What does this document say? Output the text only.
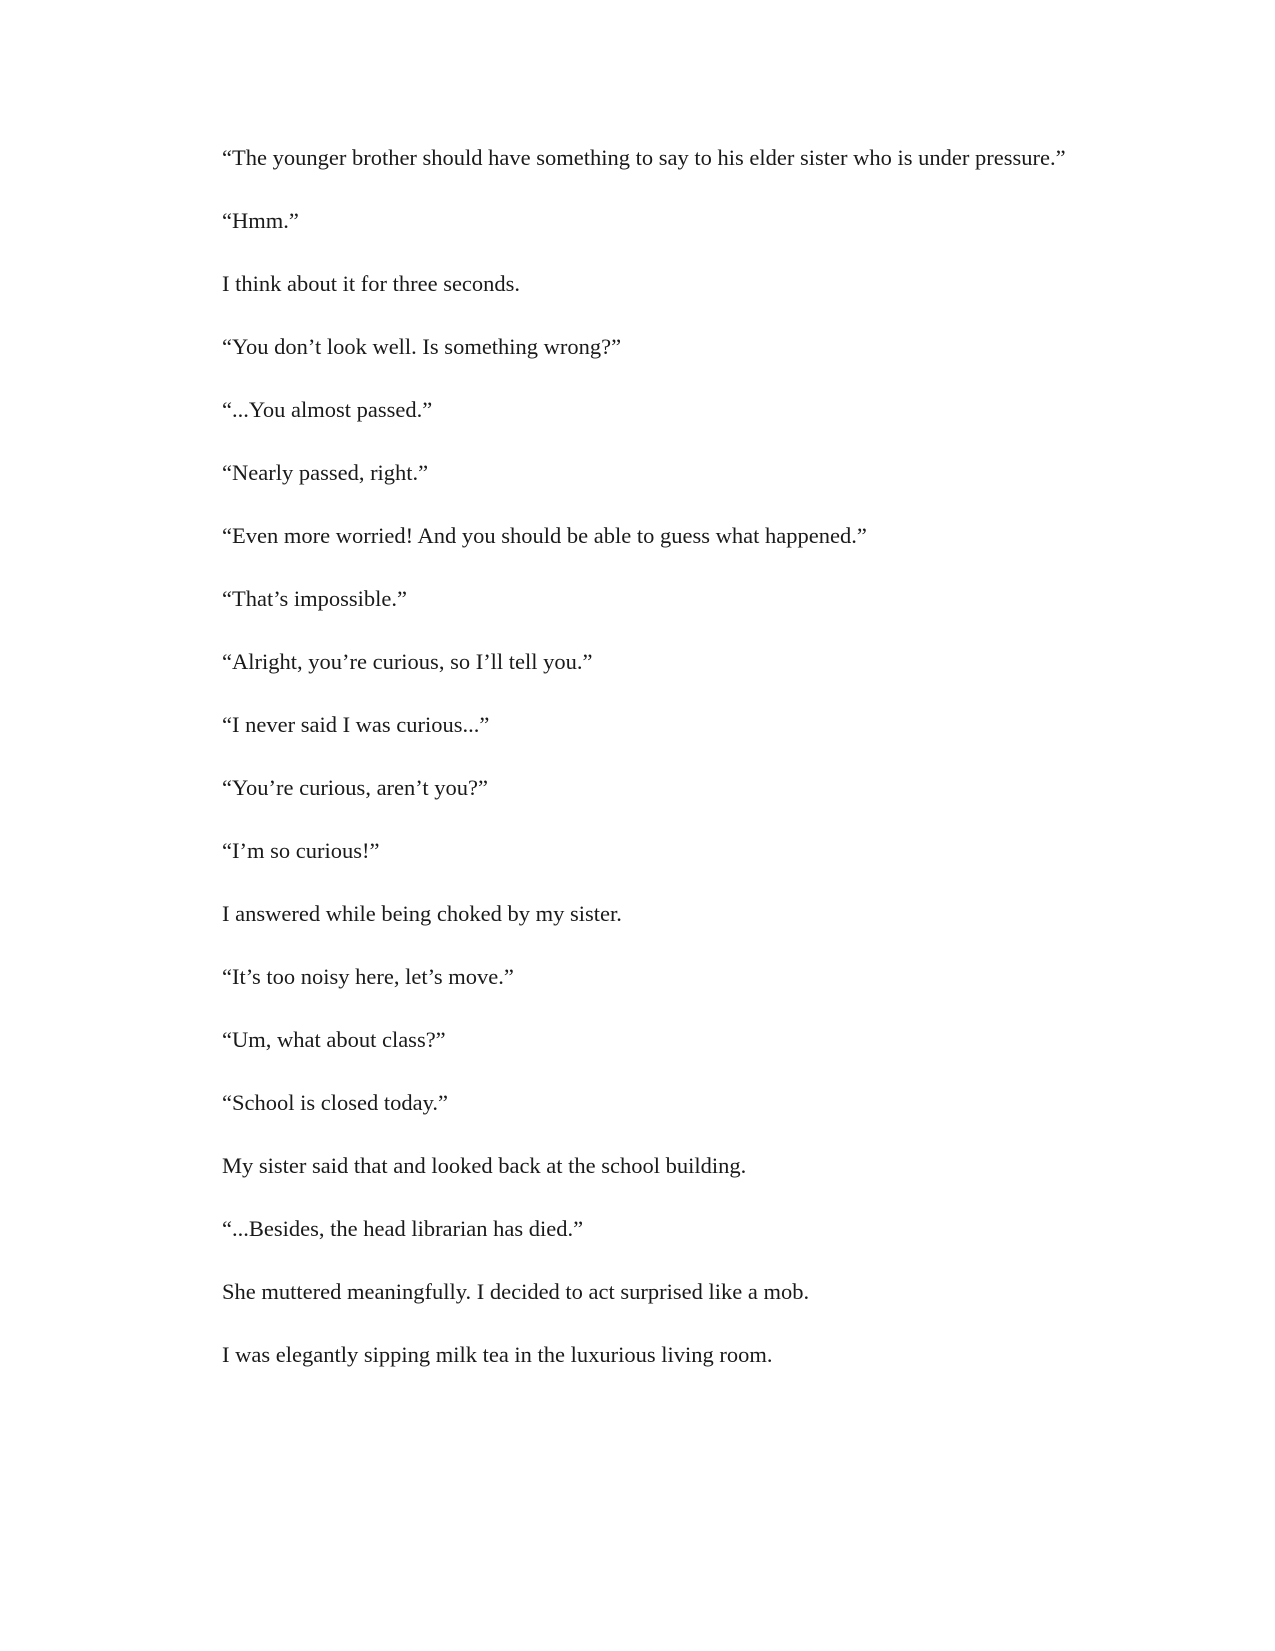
“The younger brother should have something to say to his elder sister who is under pressure.”

“Hmm.”

I think about it for three seconds.

“You don’t look well. Is something wrong?”

“...You almost passed.”

“Nearly passed, right.”

“Even more worried! And you should be able to guess what happened.”

“That’s impossible.”

“Alright, you’re curious, so I’ll tell you.”

“I never said I was curious...”

“You’re curious, aren’t you?”

“I’m so curious!”

I answered while being choked by my sister.

“It’s too noisy here, let’s move.”

“Um, what about class?”

“School is closed today.”

My sister said that and looked back at the school building.

“...Besides, the head librarian has died.”

She muttered meaningfully. I decided to act surprised like a mob.

I was elegantly sipping milk tea in the luxurious living room.
